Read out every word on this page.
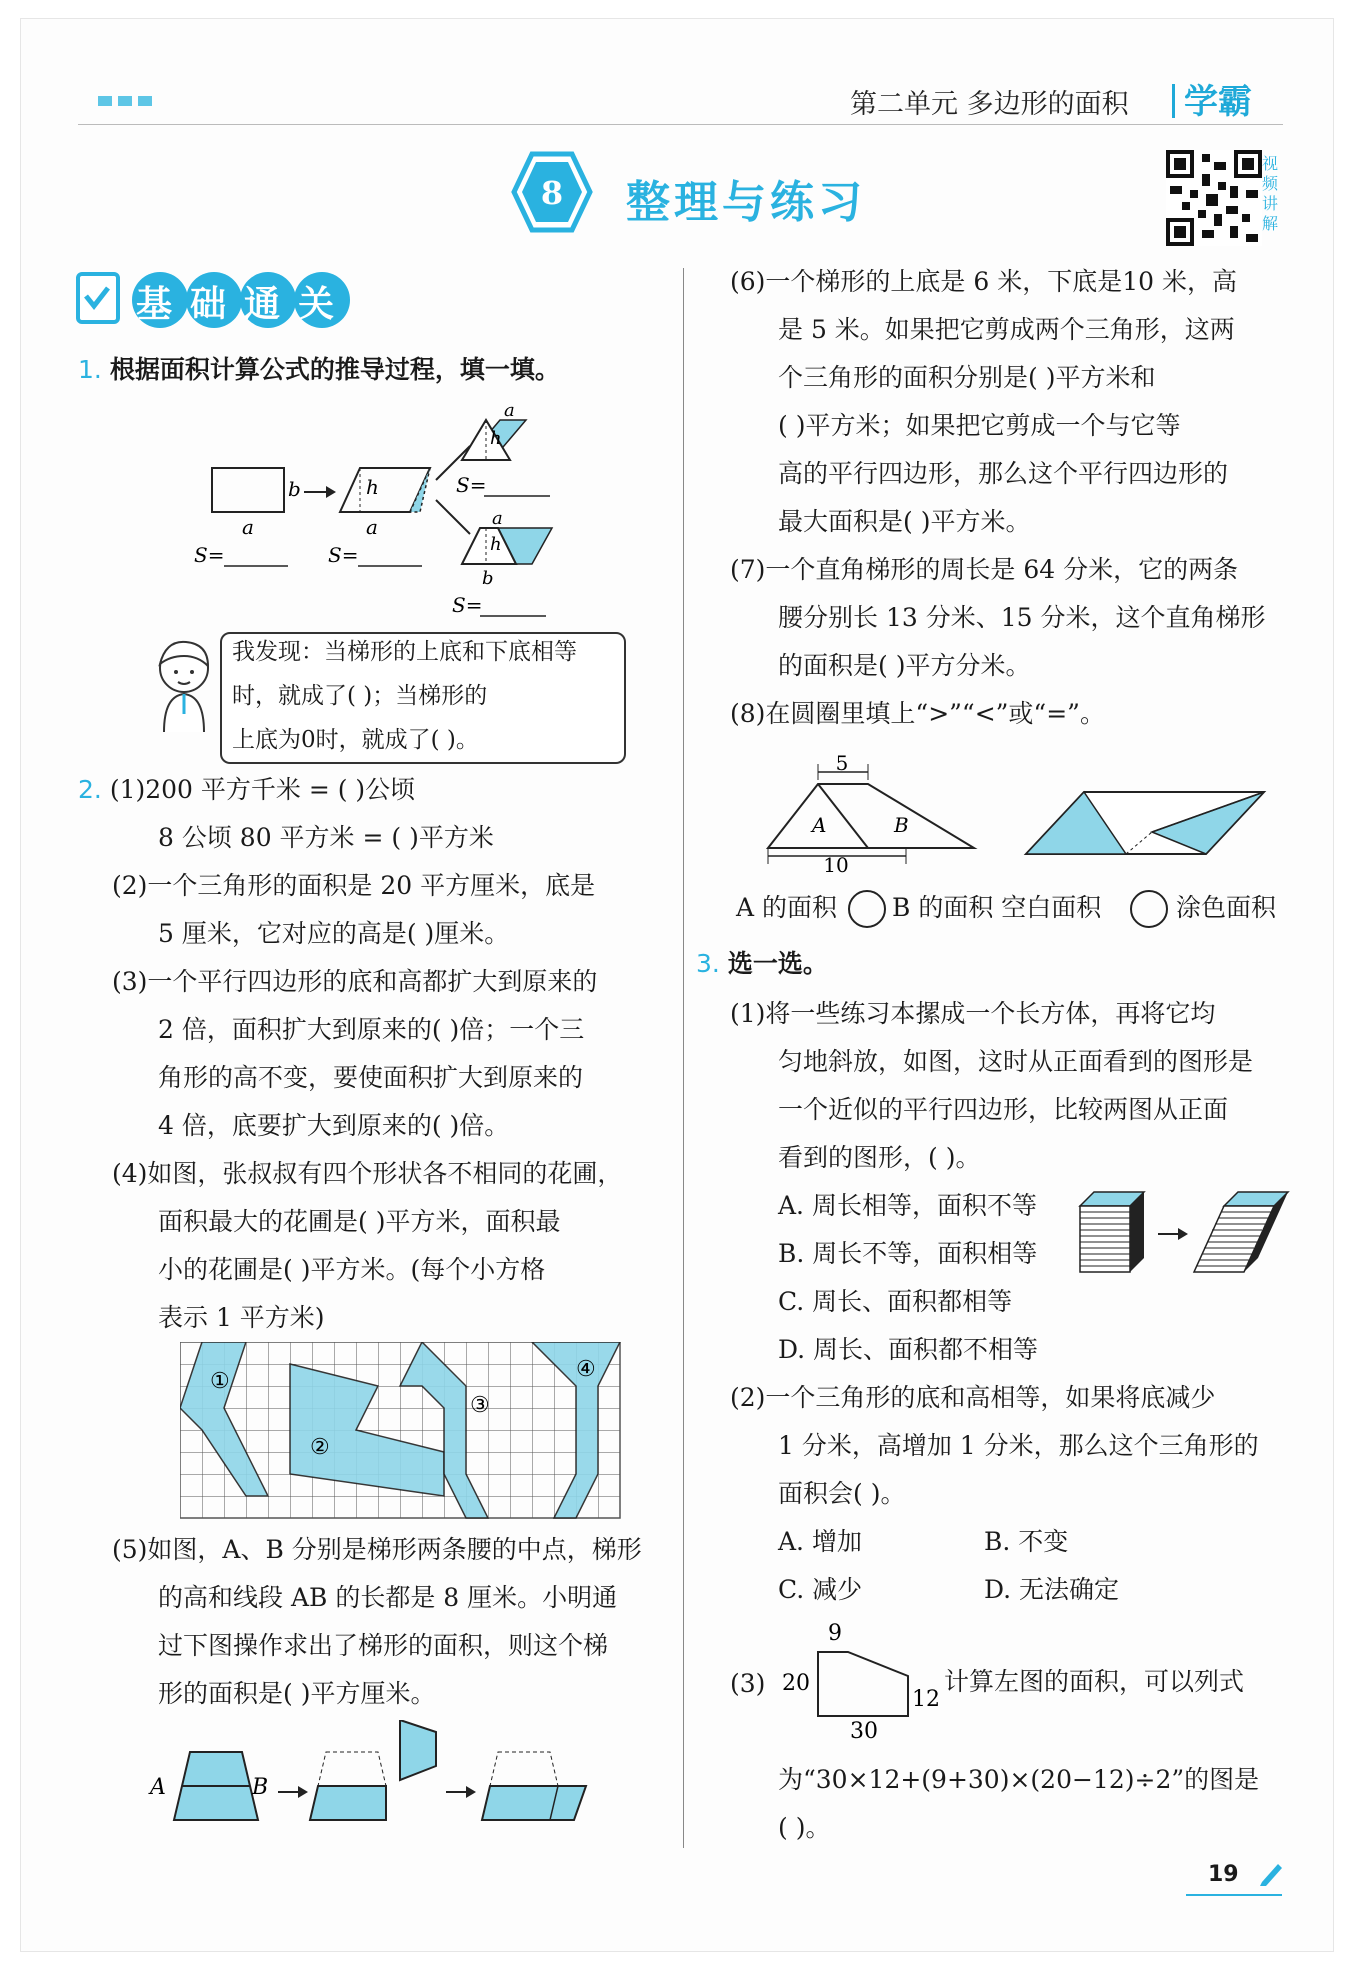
第二单元 多边形的面积 学霸
8 整理与练习
视频讲解
基础通关
1. 根据面积计算公式的推导过程，填一填。
b
a
S=
h
a
S=
h
a
S=
h
a
b
S=
我发现：当梯形的上底和下底相等
时，就成了( )；当梯形的
上底为0时，就成了( )。
2. (1)200 平方千米 = ( )公顷
8 公顷 80 平方米 = ( )平方米
(2)一个三角形的面积是 20 平方厘米，底是
5 厘米，它对应的高是( )厘米。
(3)一个平行四边形的底和高都扩大到原来的
2 倍，面积扩大到原来的( )倍；一个三
角形的高不变，要使面积扩大到原来的
4 倍，底要扩大到原来的( )倍。
(4)如图，张叔叔有四个形状各不相同的花圃，
面积最大的花圃是( )平方米，面积最
小的花圃是( )平方米。(每个小方格
表示 1 平方米)
①
②
③
④
(5)如图，A、B 分别是梯形两条腰的中点，梯形
的高和线段 AB 的长都是 8 厘米。小明通
过下图操作求出了梯形的面积，则这个梯
形的面积是( )平方厘米。
A	B
(6)一个梯形的上底是 6 米，下底是10 米，高
是 5 米。如果把它剪成两个三角形，这两
个三角形的面积分别是( )平方米和
( )平方米；如果把它剪成一个与它等
高的平行四边形，那么这个平行四边形的
最大面积是( )平方米。
(7)一个直角梯形的周长是 64 分米，它的两条
腰分别长 13 分米、15 分米，这个直角梯形
的面积是( )平方分米。
(8)在圆圈里填上“>”“<”或“=”。
5
A	B
10
A 的面积 B 的面积 空白面积	涂色面积
3. 选一选。
(1)将一些练习本摞成一个长方体，再将它均
匀地斜放，如图，这时从正面看到的图形是
一个近似的平行四边形，比较两图从正面
看到的图形，( )。
A. 周长相等，面积不等
B. 周长不等，面积相等
C. 周长、面积都相等
D. 周长、面积都不相等
(2)一个三角形的底和高相等，如果将底减少
1 分米，高增加 1 分米，那么这个三角形的
面积会( )。
A. 增加	B. 不变
C. 减少	D. 无法确定
(3)
9
20
12
30
计算左图的面积，可以列式
为“30×12+(9+30)×(20−12)÷2”的图是
( )。
19
